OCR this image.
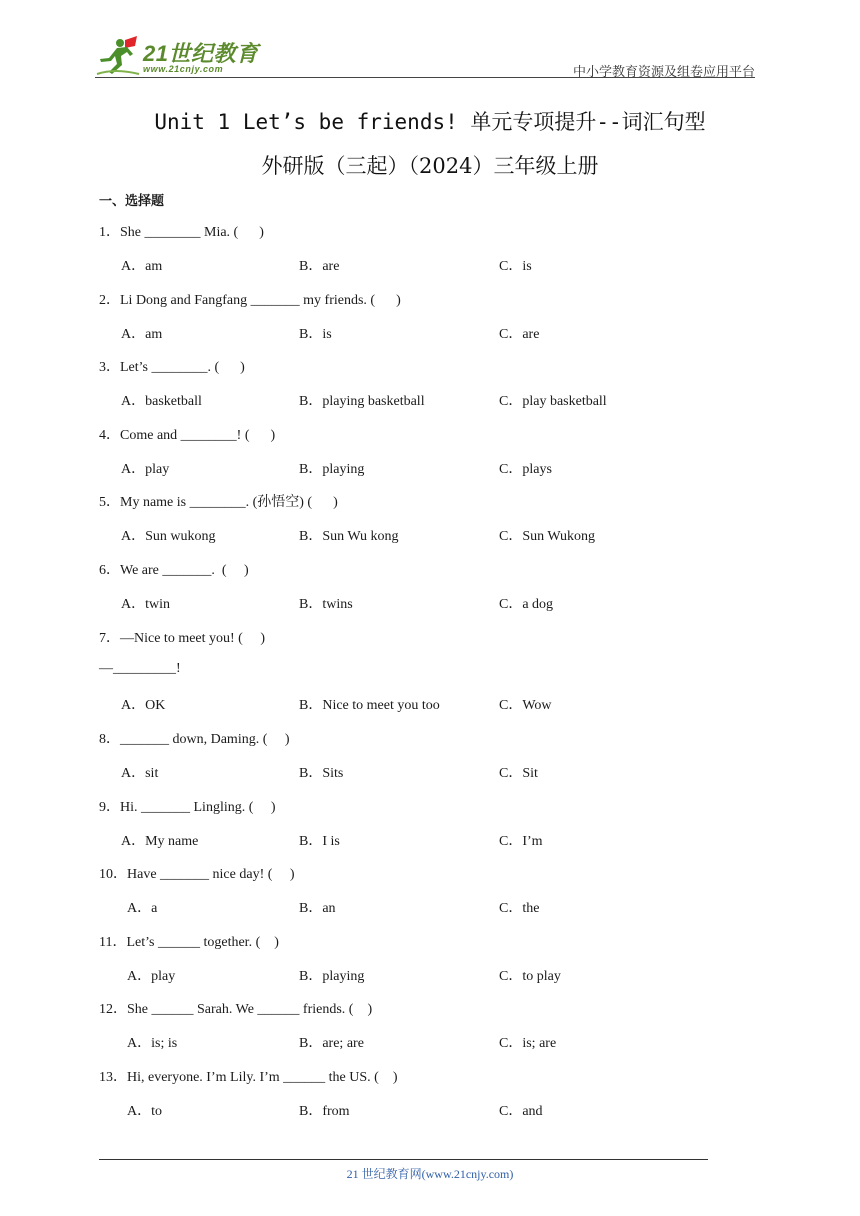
21世纪教育
www.21cnjy.com	中小学教育资源及组卷应用平台
Unit 1 Let’s be friends! 单元专项提升--词汇句型
外研版（三起）（2024）三年级上册
一、选择题
1．She ________ Mia. (      )
A．am	B．are	C．is
2．Li Dong and Fangfang _______ my friends. (      )
A．am	B．is	C．are
3．Let’s ________. (      )
A．basketball	B．playing basketball	C．play basketball
4．Come and ________! (      )
A．play	B．playing	C．plays
5．My name is ________. (孙悟空) (      )
A．Sun wukong	B．Sun Wu kong	C．Sun Wukong
6．We are _______.  (     )
A．twin	B．twins	C．a dog
7．—Nice to meet you! (     )
—_________!
A．OK	B．Nice to meet you too	C．Wow
8．_______ down, Daming. (     )
A．sit	B．Sits	C．Sit
9．Hi. _______ Lingling. (     )
A．My name	B．I is	C．I’m
10．Have _______ nice day! (     )
A．a	B．an	C．the
11．Let’s ______ together. (    )
A．play	B．playing	C．to play
12．She ______ Sarah. We ______ friends. (    )
A．is; is	B．are; are	C．is; are
13．Hi, everyone. I’m Lily. I’m ______ the US. (    )
A．to	B．from	C．and
21 世纪教育网(www.21cnjy.com)
